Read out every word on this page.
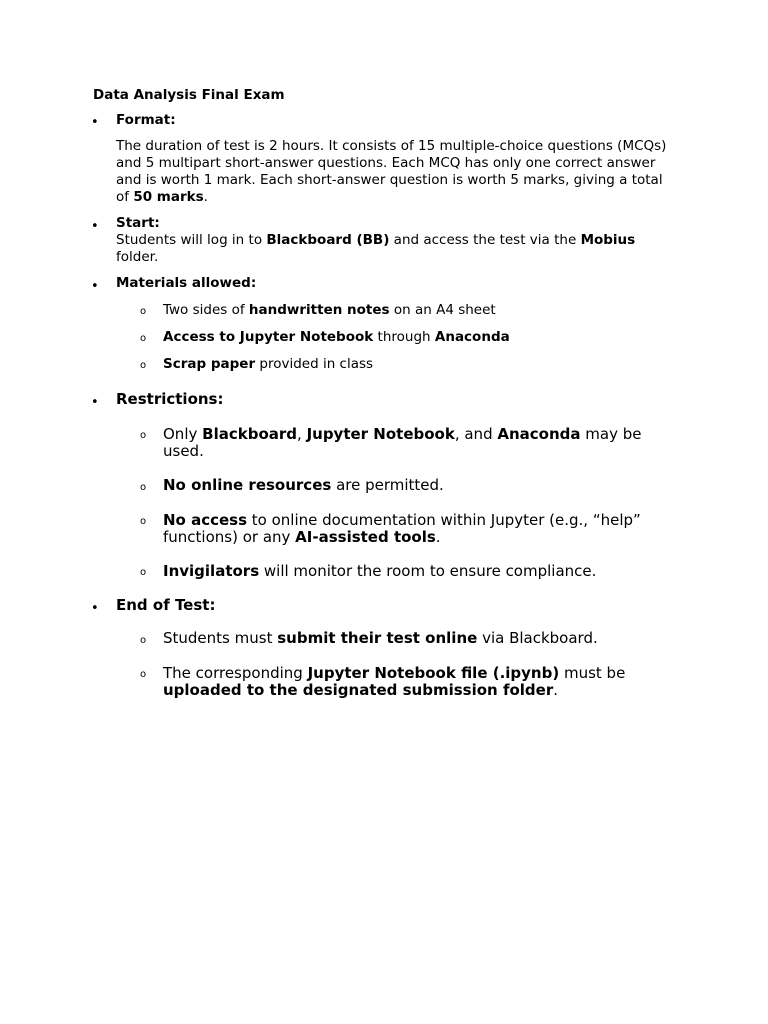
Data Analysis Final Exam
• Format:
The duration of test is 2 hours. It consists of 15 multiple-choice questions (MCQs) and 5 multipart short-answer questions. Each MCQ has only one correct answer and is worth 1 mark. Each short-answer question is worth 5 marks, giving a total of 50 marks.
• Start:
Students will log in to Blackboard (BB) and access the test via the Mobius folder.
• Materials allowed:
o Two sides of handwritten notes on an A4 sheet
o Access to Jupyter Notebook through Anaconda
o Scrap paper provided in class
• Restrictions:
o Only Blackboard, Jupyter Notebook, and Anaconda may be used.
o No online resources are permitted.
o No access to online documentation within Jupyter (e.g., “help” functions) or any AI-assisted tools.
o Invigilators will monitor the room to ensure compliance.
• End of Test:
o Students must submit their test online via Blackboard.
o The corresponding Jupyter Notebook file (.ipynb) must be uploaded to the designated submission folder.
